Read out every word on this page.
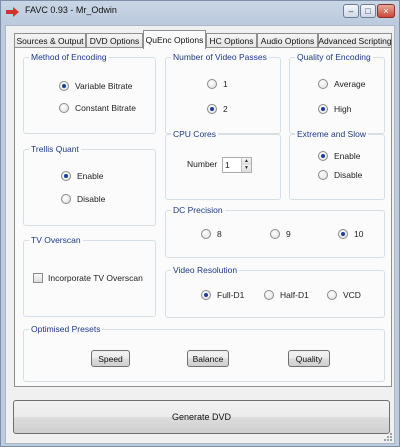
FAVC 0.93 - Mr_Odwin	–	□	×
Sources & Output DVD Options QuEnc Options HC Options Audio Options Advanced Scripting
Method of Encoding
Variable Bitrate
Constant Bitrate
Number of Video Passes
1
2
Quality of Encoding
Average
High
Trellis Quant
Enable
Disable
CPU Cores
Number 1	▲
▼
Extreme and Slow
Enable
Disable
DC Precision
8	9	10
TV Overscan
Incorporate TV Overscan
Video Resolution
Full-D1	Half-D1	VCD
Optimised Presets
Speed	Balance	Quality
Generate DVD
